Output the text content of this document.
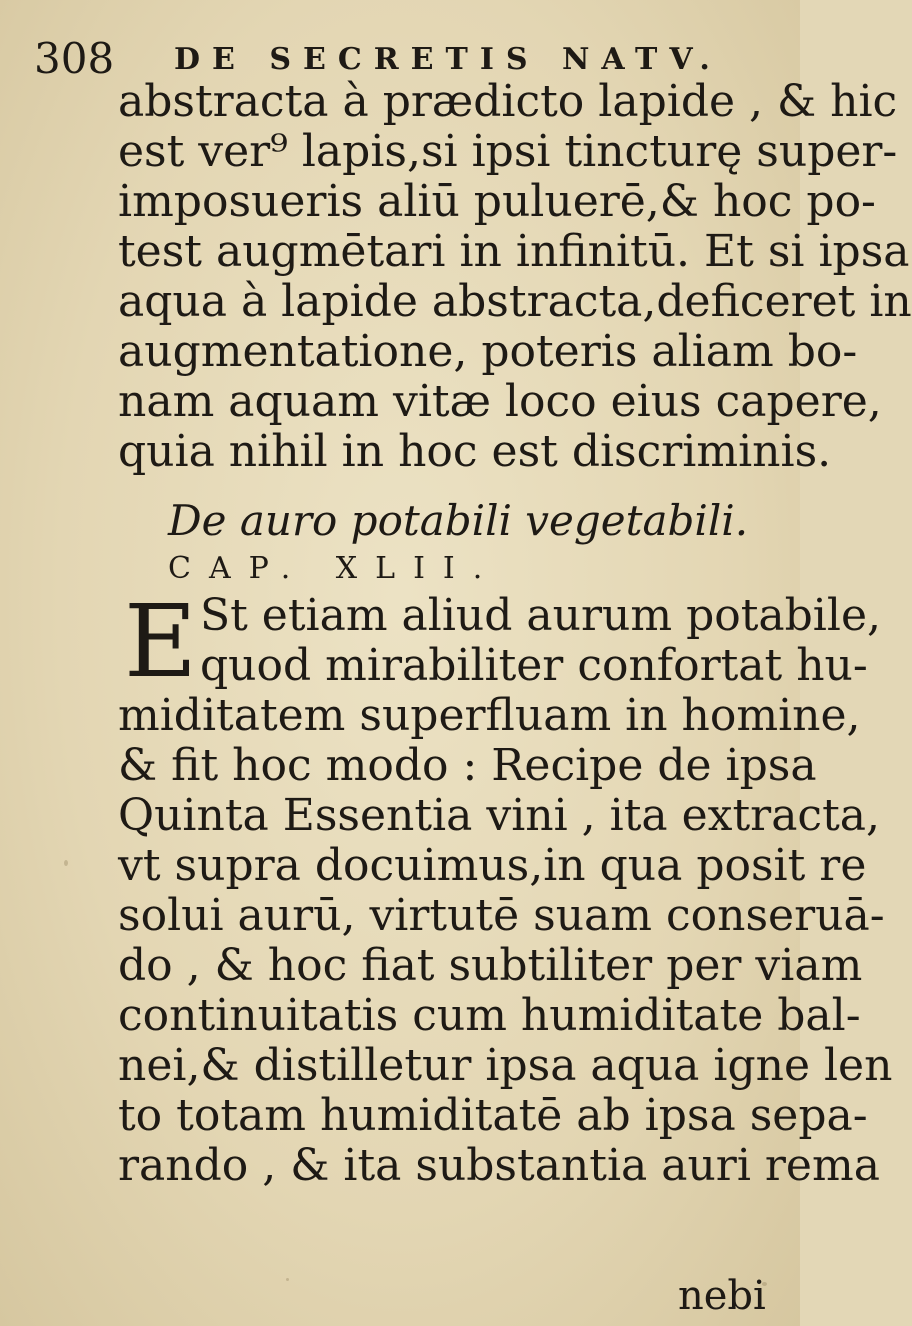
308 DE SECRETIS NATV.
abstracta à prædicto lapide , & hic
est ver⁹ lapis,si ipsi tincturę super-
imposueris aliū puluerē,& hoc po-
test augmētari in infinitū. Et si ipsa
aqua à lapide abstracta,deficeret in
augmentatione, poteris aliam bo-
nam aquam vitæ loco eius capere,
quia nihil in hoc est discriminis.
De auro potabili vegetabili.
CAP. XLII.
E St etiam aliud aurum potabile,
quod mirabiliter confortat hu-
miditatem superfluam in homine,
& fit hoc modo : Recipe de ipsa
Quinta Essentia vini , ita extracta,
vt supra docuimus,in qua posit re
solui aurū, virtutē suam conseruā-
do , & hoc fiat subtiliter per viam
continuitatis cum humiditate bal-
nei,& distilletur ipsa aqua igne len
to totam humiditatē ab ipsa sepa-
rando , & ita substantia auri rema
nebi
